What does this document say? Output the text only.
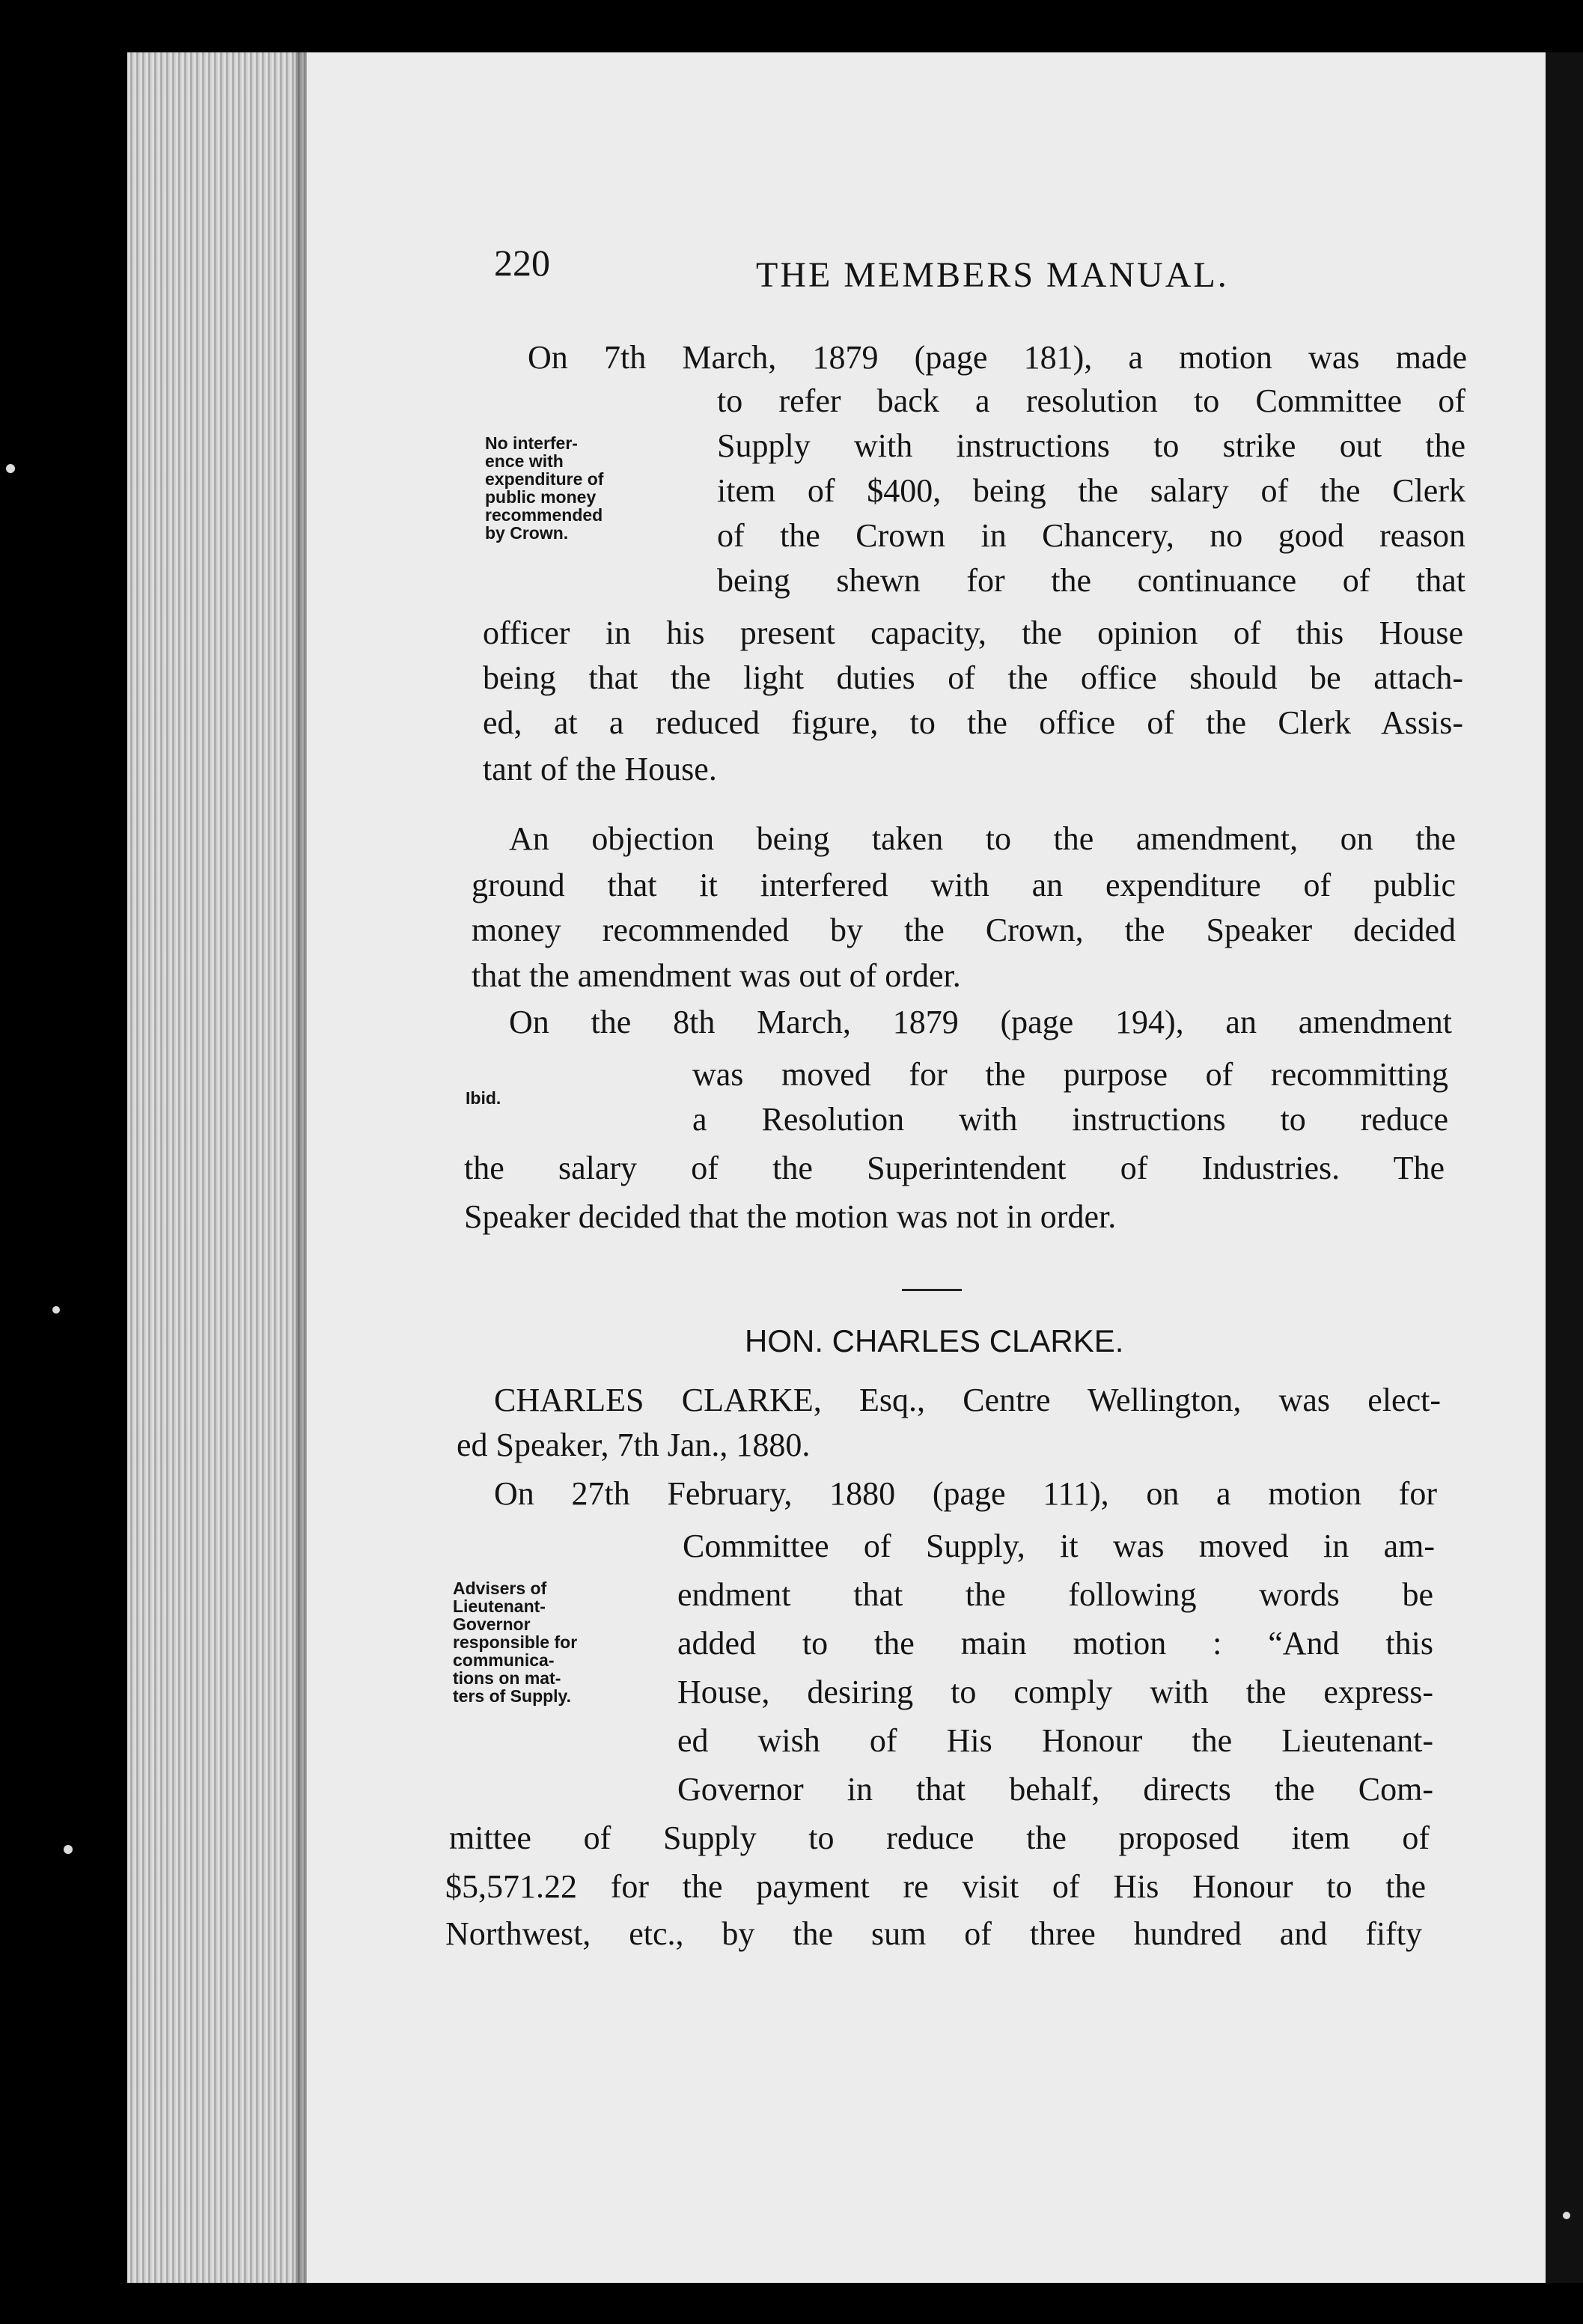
220	THE MEMBERS MANUAL.
On 7th March, 1879 (page 181), a motion was made
to refer back a resolution to Committee of
Supply with instructions to strike out the
item of $400, being the salary of the Clerk
of the Crown in Chancery, no good reason
being shewn for the continuance of that
officer in his present capacity, the opinion of this House
being that the light duties of the office should be attach-
ed, at a reduced figure, to the office of the Clerk Assis-
tant of the House.
No interfer-
ence with
expenditure of
public money
recommended
by Crown.
An objection being taken to the amendment, on the
ground that it interfered with an expenditure of public
money recommended by the Crown, the Speaker decided
that the amendment was out of order.
On the 8th March, 1879 (page 194), an amendment
was moved for the purpose of recommitting
a Resolution with instructions to reduce
the salary of the Superintendent of Industries. The
Speaker decided that the motion was not in order.
Ibid.
HON. CHARLES CLARKE.
CHARLES CLARKE, Esq., Centre Wellington, was elect-
ed Speaker, 7th Jan., 1880.
On 27th February, 1880 (page 111), on a motion for
Committee of Supply, it was moved in am-
endment that the following words be
added to the main motion : “And this
House, desiring to comply with the express-
ed wish of His Honour the Lieutenant-
Governor in that behalf, directs the Com-
mittee of Supply to reduce the proposed item of
$5,571.22 for the payment re visit of His Honour to the
Northwest, etc., by the sum of three hundred and fifty
Advisers of
Lieutenant-
Governor
responsible for
communica-
tions on mat-
ters of Supply.
